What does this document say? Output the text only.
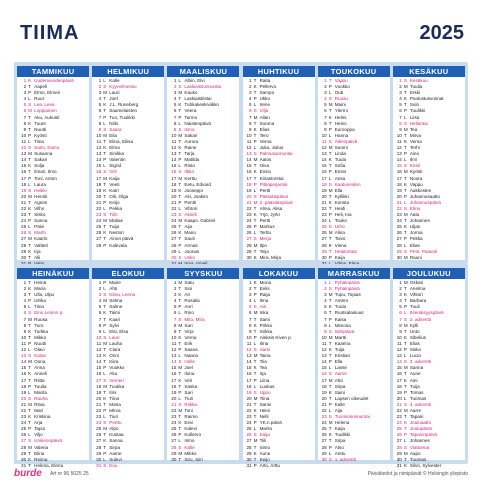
TIIMA	2025
TAMMIKUU
1 K Uudenvuodenpäivä
2 T Aapeli
3 P Elmo, Elmeri
4 L Ruut
5 S Lea, Leea
6 M Loppiainen
7 T Aku, Aukusti
8 K Tuure
9 T Nuutti
10 P Kyösti
11 L Tiina
12 S Sami, Samu
13 M Susanna
14 T Sakari
15 K Solja
16 T Ilmari, Ilmo
17 P Toni, Anton
18 L Laura
19 S Heikki
20 M Henrik
21 T Agnes
22 K Vilho
23 T Sisko
24 P Sanna
25 L Päivi
26 S Martti
27 M Kaarlo
28 T Valtteri
29 K Irja
30 T Alli
HELMIKUU
1 L Kalle
2 S Kyynelmessu
3 M Lauri
4 T Joel
5 K J.L. Runeberg
6 T Saamelaisten
7 P Tuo, Tuulikki
8 L Niilo
9 S Saara
10 M Eila
11 T Elina, Eliisa
12 K Elma
13 T Sinikka
14 P Valentin
15 L Sigrid
16 S Veli
17 M Kaija
18 T Veeti
19 K Katri
20 T Oili, Olga
21 P Keijo
22 L Pekka
23 S Tiilo
24 M Matias
25 T Tuija
26 K Nestori
27 T Ainon päivä
28 P Kalevala
MAALISKUU
1 L Albin, Elvi
2 S Laskiaissunnuntai
3 M Kauko
4 T Laskiaistiistai
5 K Tuhkakeskiviikko
6 T Veera
7 P Tarmo
8 L Naistenpäivä
9 S Ismo
10 M Sakari
11 T Aurora
12 K Raine
13 T Tarja
14 P Matilda
15 L Risto
16 S Ilkka
17 M Kerttu
18 T Eetu, Edvard
19 K Jooseppi
20 T Aki, Joakim
21 P Pentti
22 L Vihtori
23 S Akseli
24 M Kaapo, Gabriel
25 T Aija
26 K Manu
27 T Sauli
28 P Armas
29 L Joonas
30 S Usko
HUHTIKUU
1 T Raita
2 K Pellervo
3 T Sampo
4 P Ukko
5 L Irene
6 S Vilja
7 M Allan
8 T Suoma
9 K Elias
10 T Tero
11 P Verna
12 L Julia, Julius
13 S Palmusunnuntai
14 M Aatos
15 T Oiva
16 K Ensio
17 T Kiirastorstai
18 P Pitkäperjantai
19 L Pertti
20 S Pääsiäispäivä
21 M 2. pääsiäispäivä
22 T Alma, Alisa
23 K Yrjö, Jyrki
24 T Pertti
25 P Markus
26 L Terttu
27 S Merja
28 M Ilpo
29 T Teijo
30 K Mira, Mirja
TOUKOKUU
1 T Vappu
2 P Vuokko
3 L Outi
4 S Ruusu
5 M Maini
6 T Ylermi
7 K Helmi
8 T Heino
9 P Eurooppa
10 L Hanna
11 S Äitienpäivä
12 M Suomi
13 T Linda
14 K Tuula
15 T Sofia
16 P Ensio
17 L Ansa
18 S Kaatuneiden
19 M Ella
20 T Kyllikki
21 K Konsta
22 T Heidi
23 P Heli, Ina
24 L Touko
25 S Urho
26 M Alina
27 T Toivo
28 K Viena
29 T Helatorstai
30 P Kaija
KESÄKUU
1 S Kesäkuu
2 M Tuulia
3 T Erkki
4 K Puolustusvoimat
5 T Sulo
6 P Tuulikki
7 L Liisa
8 S Helluntai
9 M Tea
10 T Mirva
11 K Verna
12 T Terhi
13 P Aino
14 L Ilmi
15 S Kirsti
16 M Kyösti
17 T Noora
18 K Vappu
19 T Aakkosten
20 P Juhannusaatto
21 L Juhannuspäivä
22 S Elina
23 M Aatu
24 T Johannes
25 K Uljas
26 T Jorma
27 P Pekka
28 L Elias
29 S Petri, Paavali
30 M Rauni
HEINÄKUU
1 T Heinä
2 K Maria
3 T Ulla, Ulpu
4 P Ulrika
5 L Tiina
6 S Eino Leinon p.
7 M Ruusa
8 T Turo
9 K Turkka
10 T Mikko
11 P Nuutti
12 L Olavi
13 S Kaisa
14 M Oona
15 T Anna
16 K Anneli
17 T Riitta
18 P Tuulia
19 L Marita
20 S Rauha
21 M Ritva
22 T Mari
23 K Kristiina
24 T Arja
25 P Tapio
26 L Viljo
27 S Unikeonpäivä
28 M Valeria
29 T Elina
30 K Reima
31 T Helena, Elena
ELOKUU
1 P Maire
2 L Ahti
3 S Niina, Leena
4 M Selma
5 T Salme
6 K Taimi
7 T Kaari
8 P Sylvi
9 L Elsi, Elsa
10 S Lauri
11 M Lauha
12 T Clara
13 K Onni
14 T Kiira
15 P Vuokko
16 L Aku
17 S Verneri
18 M Tuukka
19 T Ilmi
20 K Tiina
21 T Maria
22 P Mirva
23 L Tiuri
24 S Perttu
25 M Alpo
26 T Kustaa
27 K Sanna
28 T Sirpa
29 P Aarne
30 L Sulevi
31 S Kuu
SYYSKUU
1 M Satu
2 T Sini
3 K Ari
4 T Rosalia
5 P Anri
6 L Rino
7 S Mito, Mira
8 M Sari
9 T Virpi
10 K Verna
11 T Erik
12 P Saana
13 L Naana
14 S Helle
15 M Joel
16 T Ilona
17 K Veli
18 T Saska
19 P Sari
20 L Tiuri
21 S Riikka
22 M Toni
23 T Raimo
24 K Eevi
25 T Kalevi
26 P Kullervo
27 L Ismo
28 S Kalle
29 M Mikko
30 T Siru, Siiri
LOKAKUU
1 K Mona
2 T Eelis
3 P Raija
4 L Ilma
5 S Airi
6 M Inka
7 T Sami
8 K Pirkko
9 T Sirkka
10 P Aleksis Kiven p.
11 L Ilma
12 S Aarni
13 M Taina
14 T Tiia
15 K Tea
16 T Irja
17 P Liina
18 L Luukas
19 S Uppo
20 M Tiina
21 T Sanni
22 K Heini
23 T Nelli
24 P YK:n päivä
25 L Marko
26 S Kaija
27 M Tiili
28 T Simo
29 K Aune
30 T Keijo
31 P Arto, Arttu
MARRASKUU
1 L Pyhäinpäivä
2 S Pyhäinpäivä
3 M Tupu, Topias
4 T Antero
5 K Tuula
6 T Ruotsalaisuus
7 P Kaisa
8 L Mimosa
9 S Isänpäivä
10 M Martti
11 T Kaarina
12 K Tuija
13 T Kristian
14 P Ella
15 L Lasse
16 S Aaron
17 M Ahti
18 T Sirpa
19 K Saini
20 T Lapsen oikeudet
21 P Kalle
22 L Aija
23 S Tuomiosunnuntai
24 M Helena
25 T Kaija
26 K Tuulikki
27 T Sirpa
28 P Atso
29 L Anttu
30 S 1. adventti
JOULUKUU
1 M Oskari
2 T Anelma
3 K Vihtori
4 T Barbara
5 P Tuuli
6 L Itsenäisyyspäivä
7 S 2. adventti
8 M Kylli
9 T Unto
10 K Sibelius
11 T Elias
12 P Sisko
13 L Lucia
14 S 3. adventti
15 M Sanna
16 T Aune
17 K Aini
18 T Tuija
19 P Tomas
20 L Tuomas
21 S 4. adventti
22 M Aarre
23 T Tapani
24 K Jouluaatto
25 T Joulupäivä
26 P Tapaninpäivä
27 L Johannes
28 S Viattomat
29 M Aapo
30 T Tuomas
31 K Silvo, Sylvester
burde Art nr 96 5025 25	Päivätiedot ja nimipäivät © Helsingin yliopisto
